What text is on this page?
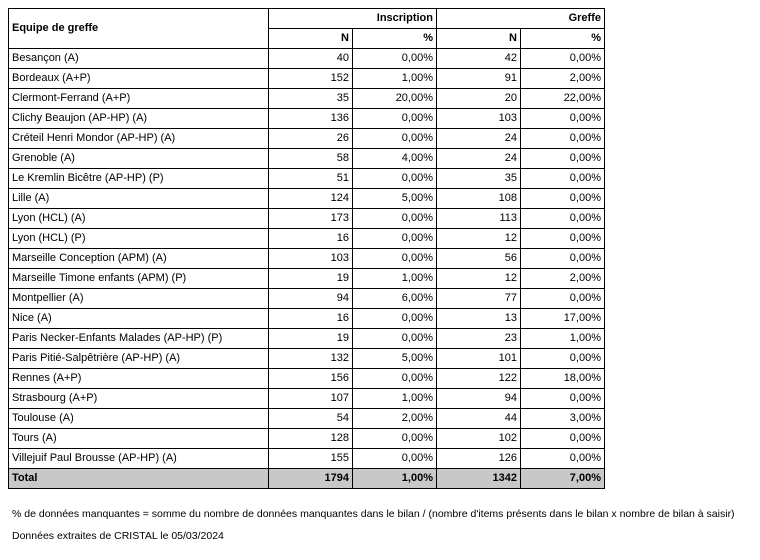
Equipe de greffe	Inscription		Greffe	
	N	%	N	%
Besançon (A)	40	0,00%	42	0,00%
Bordeaux (A+P)	152	1,00%	91	2,00%
Clermont-Ferrand (A+P)	35	20,00%	20	22,00%
Clichy Beaujon (AP-HP) (A)	136	0,00%	103	0,00%
Créteil Henri Mondor (AP-HP) (A)	26	0,00%	24	0,00%
Grenoble (A)	58	4,00%	24	0,00%
Le Kremlin Bicêtre (AP-HP) (P)	51	0,00%	35	0,00%
Lille (A)	124	5,00%	108	0,00%
Lyon (HCL) (A)	173	0,00%	113	0,00%
Lyon (HCL) (P)	16	0,00%	12	0,00%
Marseille Conception (APM) (A)	103	0,00%	56	0,00%
Marseille Timone enfants (APM) (P)	19	1,00%	12	2,00%
Montpellier (A)	94	6,00%	77	0,00%
Nice (A)	16	0,00%	13	17,00%
Paris Necker-Enfants Malades (AP-HP) (P)	19	0,00%	23	1,00%
Paris Pitié-Salpêtrière (AP-HP) (A)	132	5,00%	101	0,00%
Rennes (A+P)	156	0,00%	122	18,00%
Strasbourg (A+P)	107	1,00%	94	0,00%
Toulouse (A)	54	2,00%	44	3,00%
Tours (A)	128	0,00%	102	0,00%
Villejuif Paul Brousse (AP-HP) (A)	155	0,00%	126	0,00%
Total	1794	1,00%	1342	7,00%
% de données manquantes = somme du nombre de données manquantes dans le bilan / (nombre d'items présents dans le bilan x nombre de bilan à saisir)
Données extraites de CRISTAL le 05/03/2024
